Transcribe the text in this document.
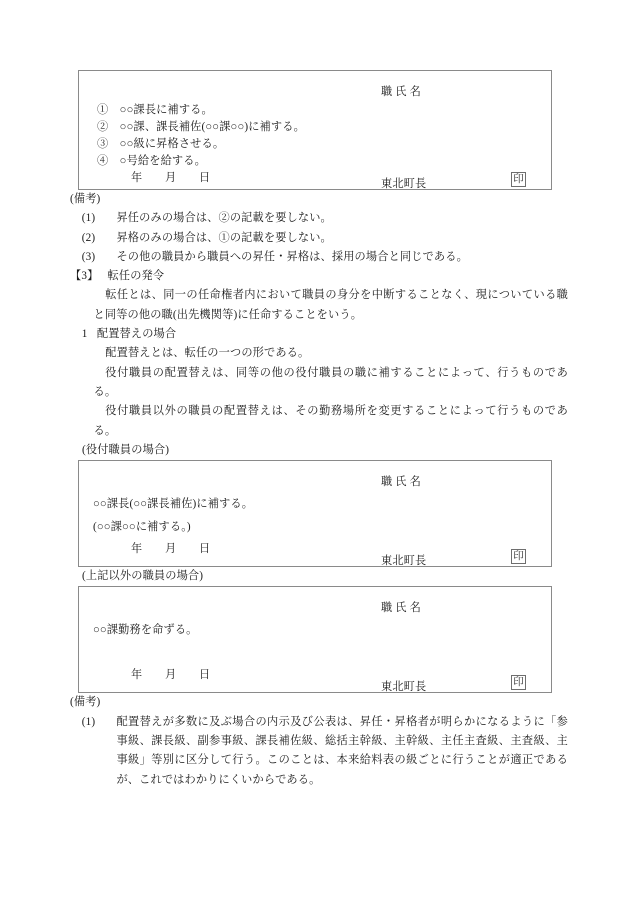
職 氏 名
①　○○課長に補する。
②　○○課、課長補佐(○○課○○)に補する。
③　○○級に昇格させる。
④　○号給を給する。
年　　月　　日	東北町長	印
(備考)
(1)	昇任のみの場合は、②の記載を要しない。
(2)	昇格のみの場合は、①の記載を要しない。
(3)	その他の職員から職員への昇任・昇格は、採用の場合と同じである。
【3】 転任の発令
転任とは、同一の任命権者内において職員の身分を中断することなく、現についている職と同等の他の職(出先機関等)に任命することをいう。
1 配置替えの場合
配置替えとは、転任の一つの形である。
役付職員の配置替えは、同等の他の役付職員の職に補することによって、行うものである。
役付職員以外の職員の配置替えは、その勤務場所を変更することによって行うものである。
(役付職員の場合)
職 氏 名
○○課長(○○課長補佐)に補する。
(○○課○○に補する。)
年　　月　　日
東北町長	印
(上記以外の職員の場合)
職 氏 名
○○課勤務を命ずる。
年　　月　　日
東北町長	印
(備考)
(1)	配置替えが多数に及ぶ場合の内示及び公表は、昇任・昇格者が明らかになるように「参事級、課長級、副参事級、課長補佐級、総括主幹級、主幹級、主任主査級、主査級、主事級」等別に区分して行う。このことは、本来給料表の級ごとに行うことが適正であるが、これではわかりにくいからである。
